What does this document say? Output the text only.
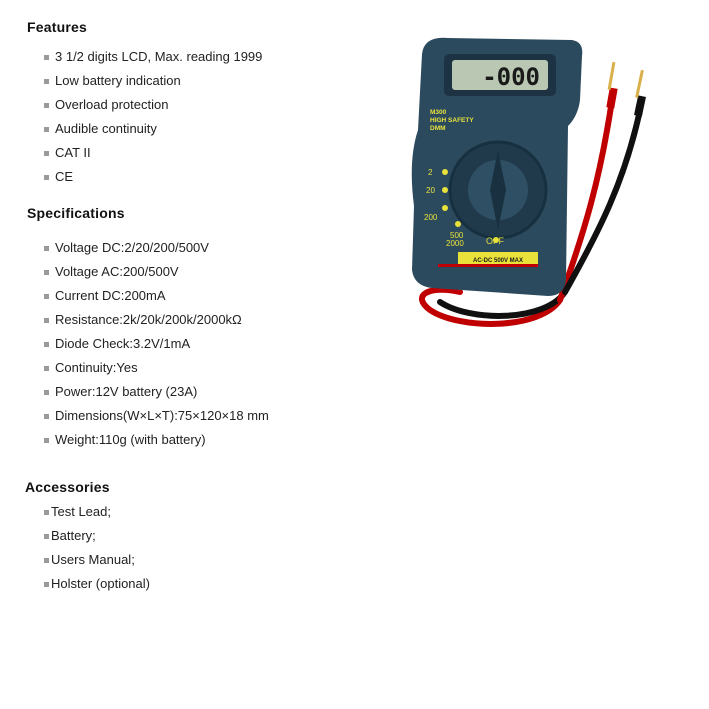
Features
3 1/2 digits LCD, Max. reading 1999
Low battery indication
Overload protection
Audible continuity
CAT II
CE
Specifications
Voltage DC:2/20/200/500V
Voltage AC:200/500V
Current DC:200mA
Resistance:2k/20k/200k/2000kΩ
Diode Check:3.2V/1mA
Continuity:Yes
Power:12V battery (23A)
Dimensions(W×L×T):75×120×18 mm
Weight:110g (with battery)
Accessories
Test Lead;
Battery;
Users Manual;
Holster (optional)
-000
M300
HIGH SAFETY
DMM
2
20
200
500
2000 OFF
AC-DC 500V MAX
